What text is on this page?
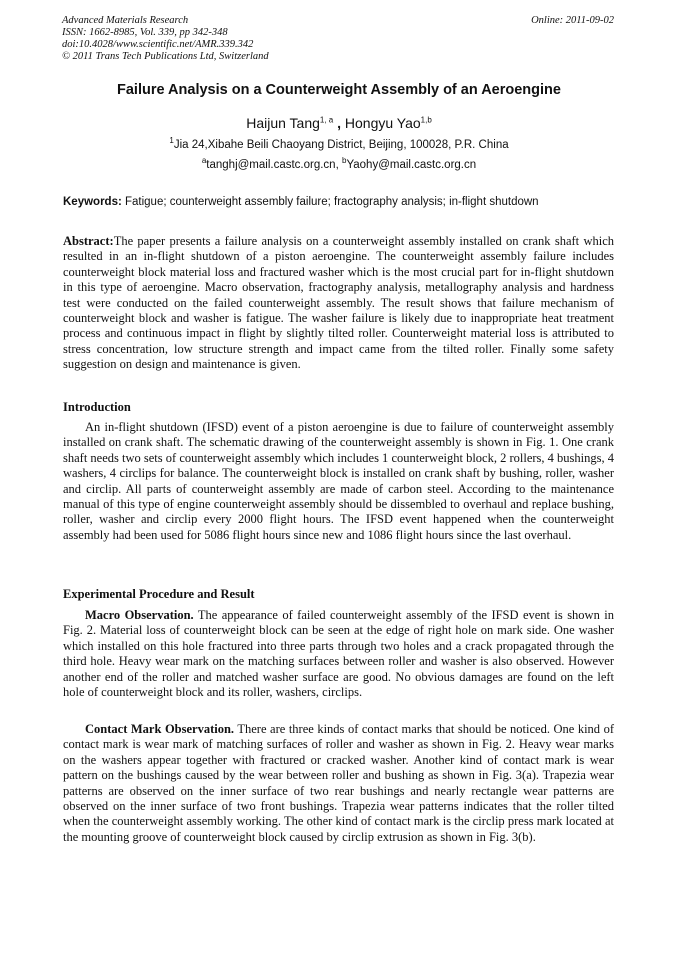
Advanced Materials Research
ISSN: 1662-8985, Vol. 339, pp 342-348
doi:10.4028/www.scientific.net/AMR.339.342
© 2011 Trans Tech Publications Ltd, Switzerland
Online: 2011-09-02
Failure Analysis on a Counterweight Assembly of an Aeroengine
Haijun Tang$^{1, a}$ , Hongyu Yao$^{1,b}$
$^1$Jia 24,Xibahe Beili Chaoyang District, Beijing, 100028, P.R. China
$^a$tanghj@mail.castc.org.cn, $^b$Yaohy@mail.castc.org.cn
Keywords: Fatigue; counterweight assembly failure; fractography analysis; in-flight shutdown
Abstract:The paper presents a failure analysis on a counterweight assembly installed on crank shaft which resulted in an in-flight shutdown of a piston aeroengine. The counterweight assembly failure includes counterweight block material loss and fractured washer which is the most crucial part for in-flight shutdown in this type of aeroengine. Macro observation, fractography analysis, metallography analysis and hardness test were conducted on the failed counterweight assembly. The result shows that failure mechanism of counterweight block and washer is fatigue. The washer failure is likely due to inappropriate heat treatment process and continuous impact in flight by slightly tilted roller. Counterweight material loss is attributed to stress concentration, low structure strength and impact came from the tilted roller. Finally some safety suggestion on design and maintenance is given.
Introduction
An in-flight shutdown (IFSD) event of a piston aeroengine is due to failure of counterweight assembly installed on crank shaft. The schematic drawing of the counterweight assembly is shown in Fig. 1. One crank shaft needs two sets of counterweight assembly which includes 1 counterweight block, 2 rollers, 4 bushings, 4 washers, 4 circlips for balance. The counterweight block is installed on crank shaft by bushing, roller, washer and circlip. All parts of counterweight assembly are made of carbon steel. According to the maintenance manual of this type of engine counterweight assembly should be dissembled to overhaul and replace bushing, roller, washer and circlip every 2000 flight hours. The IFSD event happened when the counterweight assembly had been used for 5086 flight hours since new and 1086 flight hours since the last overhaul.
Experimental Procedure and Result
Macro Observation. The appearance of failed counterweight assembly of the IFSD event is shown in Fig. 2. Material loss of counterweight block can be seen at the edge of right hole on mark side. One washer which installed on this hole fractured into three parts through two holes and a crack propagated through the third hole. Heavy wear mark on the matching surfaces between roller and washer is also observed. However another end of the roller and matched washer surface are good. No obvious damages are found on the left hole of counterweight block and its roller, washers, circlips.
Contact Mark Observation. There are three kinds of contact marks that should be noticed. One kind of contact mark is wear mark of matching surfaces of roller and washer as shown in Fig. 2. Heavy wear marks on the washers appear together with fractured or cracked washer. Another kind of contact mark is wear pattern on the bushings caused by the wear between roller and bushing as shown in Fig. 3(a). Trapezia wear patterns are observed on the inner surface of two rear bushings and nearly rectangle wear patterns are observed on the inner surface of two front bushings. Trapezia wear patterns indicates that the roller tilted when the counterweight assembly working. The other kind of contact mark is the circlip press mark located at the mounting groove of counterweight block caused by circlip extrusion as shown in Fig. 3(b).
